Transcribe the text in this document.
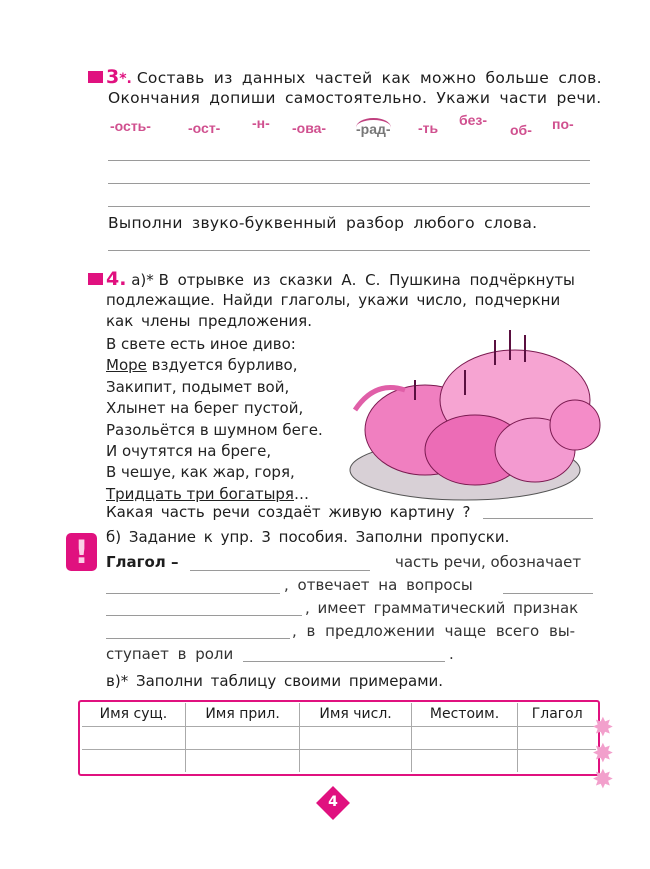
3*. Составь из данных частей как можно больше слов.
Окончания допиши самостоятельно. Укажи части речи.
-ость-	-ост- -н- -ова- -рад- -ть без-
об- по-
Выполни звуко-буквенный разбор любого слова.
4. а)* В отрывке из сказки А. С. Пушкина подчёркнуты
подлежащие. Найди глаголы, укажи число, подчеркни
как члены предложения.
В свете есть иное диво:
Море вздуется бурливо,
Закипит, подымет вой,
Хлынет на берег пустой,
Разольётся в шумном беге.
И очутятся на брегe,
В чешуе, как жар, горя,
Тридцать три богатыря…
Какая часть речи создаёт живую картину ?
!	б) Задание к упр. 3 пособия. Заполни пропуски.
Глагол –	часть речи, обозначает
, отвечает на вопросы
, имеет грамматический признак
, в предложении чаще всего вы-
ступает в роли	.
в)* Заполни таблицу своими примерами.
Имя сущ.	Имя прил.	Имя числ.	Местоим.	Глагол

				✸
✸
✸
4
